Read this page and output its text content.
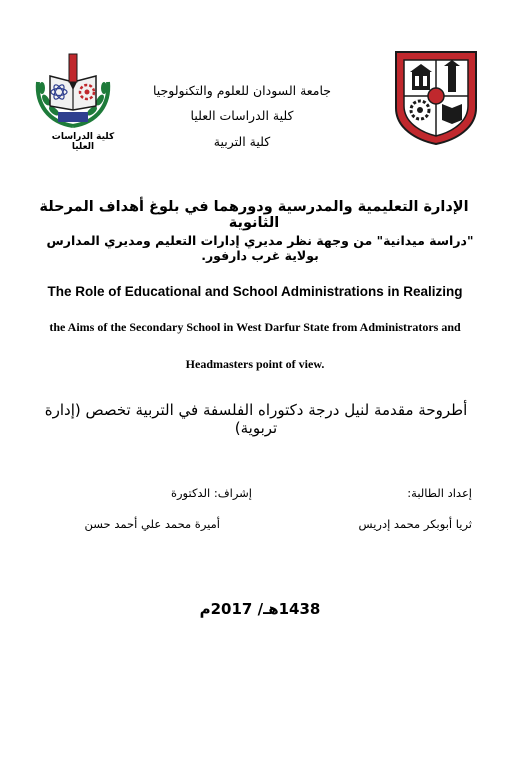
كلية الدراسات العليا
جامعة السودان للعلوم والتكنولوجيا
كلية الدراسات العليا
كلية التربية
الإدارة التعليمية والمدرسية ودورهما في بلوغ أهداف المرحلة الثانوية
"دراسة ميدانية" من وجهة نظر مديري إدارات التعليم ومديري المدارس بولاية غرب دارفور.
The Role of Educational and School Administrations in Realizing
the Aims of the Secondary School in West Darfur State from Administrators and
Headmasters point of view.
أطروحة مقدمة لنيل درجة دكتوراه الفلسفة في التربية تخصص (إدارة تربوية)
إعداد الطالبة:
إشراف: الدكتورة
ثريا أبوبكر محمد إدريس
أميرة محمد علي أحمد حسن
1438هـ/ 2017م
